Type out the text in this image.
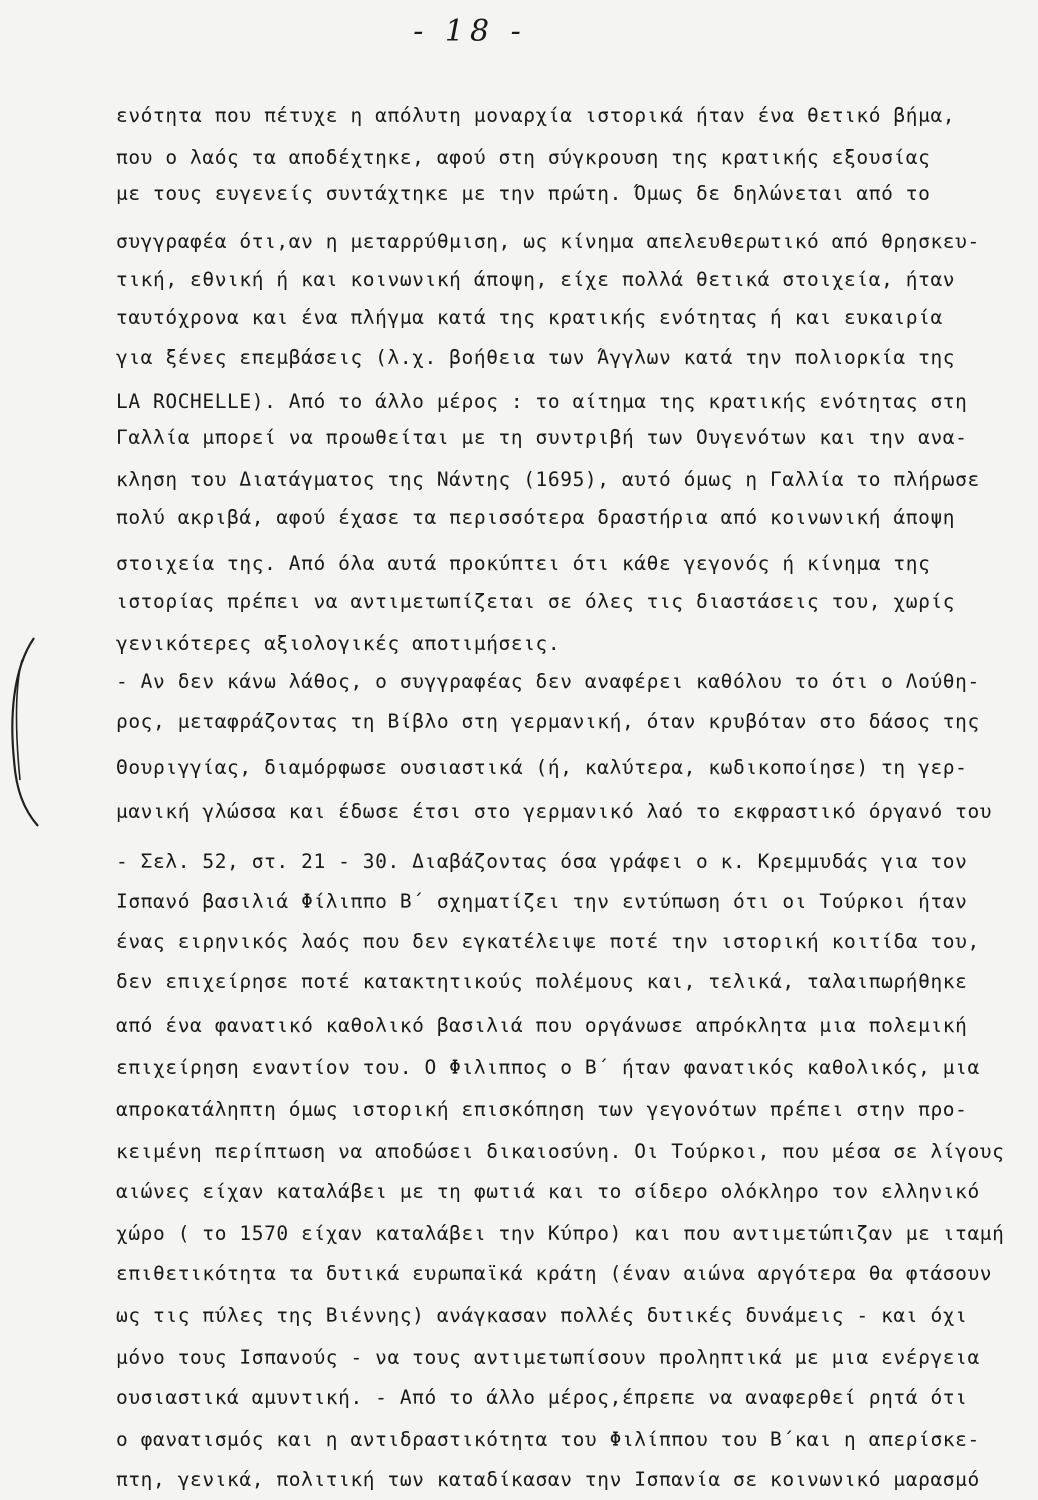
- 18 -
ενότητα που πέτυχε η απόλυτη μοναρχία ιστορικά ήταν ένα θετικό βήμα,
που ο λαός τα αποδέχτηκε, αφού στη σύγκρουση της κρατικής εξουσίας
με τους ευγενείς συντάχτηκε με την πρώτη. Όμως δε δηλώνεται από το
συγγραφέα ότι,αν η μεταρρύθμιση, ως κίνημα απελευθερωτικό από θρησκευ-
τική, εθνική ή και κοινωνική άποψη, είχε πολλά θετικά στοιχεία, ήταν
ταυτόχρονα και ένα πλήγμα κατά της κρατικής ενότητας ή και ευκαιρία
για ξένες επεμβάσεις (λ.χ. βοήθεια των Άγγλων κατά την πολιορκία της
LA ROCHELLE). Από το άλλο μέρος : το αίτημα της κρατικής ενότητας στη
Γαλλία μπορεί να προωθείται με τη συντριβή των Ουγενότων και την ανα-
κληση του Διατάγματος της Νάντης (1695), αυτό όμως η Γαλλία το πλήρωσε
πολύ ακριβά, αφού έχασε τα περισσότερα δραστήρια από κοινωνική άποψη
στοιχεία της. Από όλα αυτά προκύπτει ότι κάθε γεγονός ή κίνημα της
ιστορίας πρέπει να αντιμετωπίζεται σε όλες τις διαστάσεις του, χωρίς
γενικότερες αξιολογικές αποτιμήσεις.
- Αν δεν κάνω λάθος, ο συγγραφέας δεν αναφέρει καθόλου το ότι ο Λούθη-
ρος, μεταφράζοντας τη Βίβλο στη γερμανική, όταν κρυβόταν στο δάσος της
Θουριγγίας, διαμόρφωσε ουσιαστικά (ή, καλύτερα, κωδικοποίησε) τη γερ-
μανική γλώσσα και έδωσε έτσι στο γερμανικό λαό το εκφραστικό όργανό του
- Σελ. 52, στ. 21 - 30. Διαβάζοντας όσα γράφει ο κ. Κρεμμυδάς για τον
Ισπανό βασιλιά Φίλιππο Β΄ σχηματίζει την εντύπωση ότι οι Τούρκοι ήταν
ένας ειρηνικός λαός που δεν εγκατέλειψε ποτέ την ιστορική κοιτίδα του,
δεν επιχείρησε ποτέ κατακτητικούς πολέμους και, τελικά, ταλαιπωρήθηκε
από ένα φανατικό καθολικό βασιλιά που οργάνωσε απρόκλητα μια πολεμική
επιχείρηση εναντίον του. Ο Φιλιππος ο Β΄ ήταν φανατικός καθολικός, μια
απροκατάληπτη όμως ιστορική επισκόπηση των γεγονότων πρέπει στην προ-
κειμένη περίπτωση να αποδώσει δικαιοσύνη. Οι Τούρκοι, που μέσα σε λίγους
αιώνες είχαν καταλάβει με τη φωτιά και το σίδερο ολόκληρο τον ελληνικό
χώρο ( το 1570 είχαν καταλάβει την Κύπρο) και που αντιμετώπιζαν με ιταμή
επιθετικότητα τα δυτικά ευρωπαϊκά κράτη (έναν αιώνα αργότερα θα φτάσουν
ως τις πύλες της Βιέννης) ανάγκασαν πολλές δυτικές δυνάμεις - και όχι
μόνο τους Ισπανούς - να τους αντιμετωπίσουν προληπτικά με μια ενέργεια
ουσιαστικά αμυντική. - Από το άλλο μέρος,έπρεπε να αναφερθεί ρητά ότι
ο φανατισμός και η αντιδραστικότητα του Φιλίππου του Β΄και η απερίσκε-
πτη, γενικά, πολιτική των καταδίκασαν την Ισπανία σε κοινωνικό μαρασμό
